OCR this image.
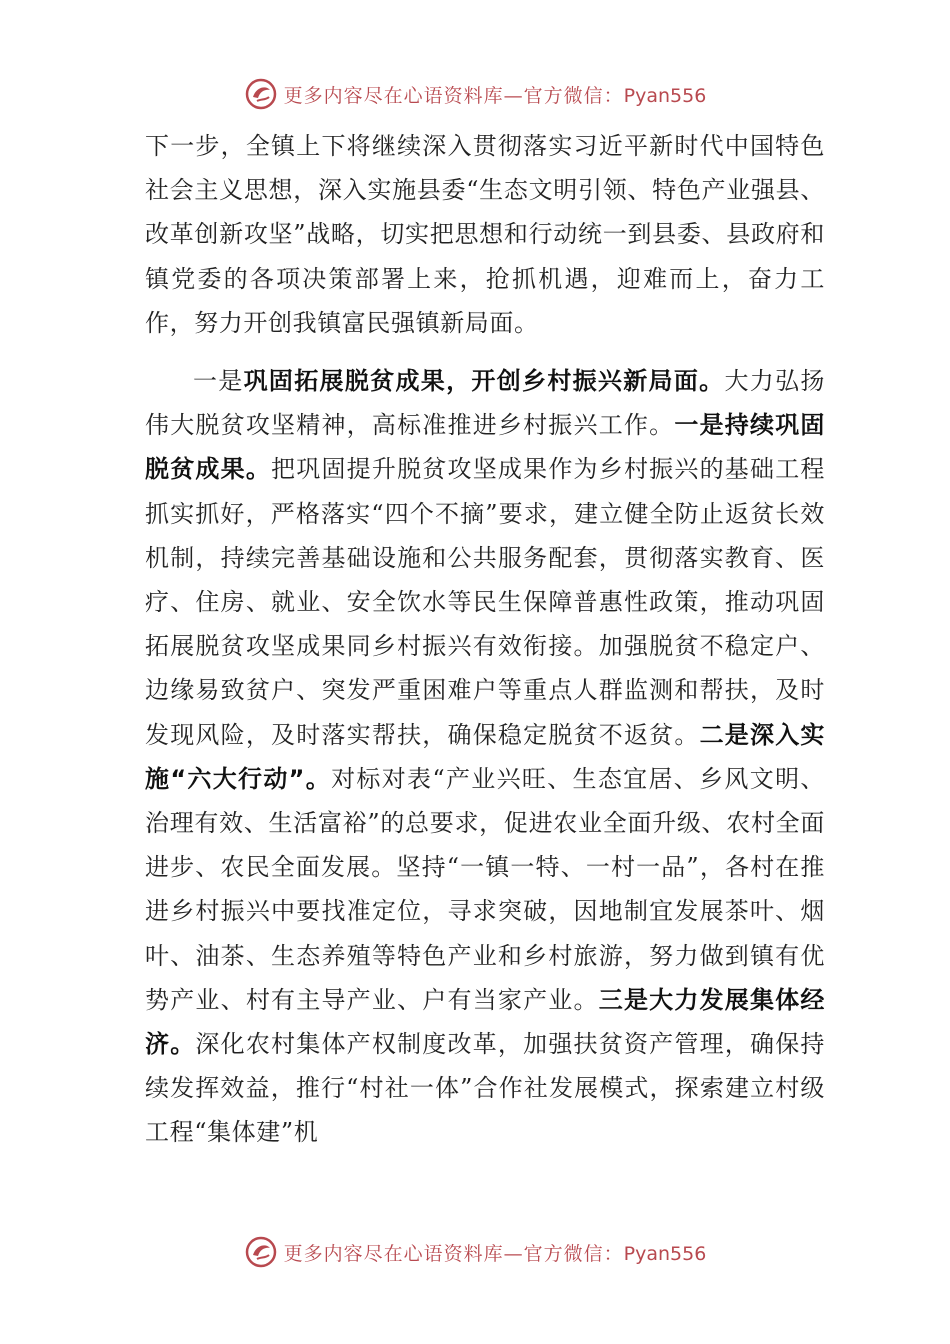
更多内容尽在心语资料库—官方微信：Pyan556

下一步，全镇上下将继续深入贯彻落实习近平新时代中国特色社会主义思想，深入实施县委“生态文明引领、特色产业强县、改革创新攻坚”战略，切实把思想和行动统一到县委、县政府和镇党委的各项决策部署上来，抢抓机遇，迎难而上，奋力工作，努力开创我镇富民强镇新局面。

一是巩固拓展脱贫成果，开创乡村振兴新局面。大力弘扬伟大脱贫攻坚精神，高标准推进乡村振兴工作。一是持续巩固脱贫成果。把巩固提升脱贫攻坚成果作为乡村振兴的基础工程抓实抓好，严格落实“四个不摘”要求，建立健全防止返贫长效机制，持续完善基础设施和公共服务配套，贯彻落实教育、医疗、住房、就业、安全饮水等民生保障普惠性政策，推动巩固拓展脱贫攻坚成果同乡村振兴有效衔接。加强脱贫不稳定户、边缘易致贫户、突发严重困难户等重点人群监测和帮扶，及时发现风险，及时落实帮扶，确保稳定脱贫不返贫。二是深入实施“六大行动”。对标对表“产业兴旺、生态宜居、乡风文明、治理有效、生活富裕”的总要求，促进农业全面升级、农村全面进步、农民全面发展。坚持“一镇一特、一村一品”，各村在推进乡村振兴中要找准定位，寻求突破，因地制宜发展茶叶、烟叶、油茶、生态养殖等特色产业和乡村旅游，努力做到镇有优势产业、村有主导产业、户有当家产业。三是大力发展集体经济。深化农村集体产权制度改革，加强扶贫资产管理，确保持续发挥效益，推行“村社一体”合作社发展模式，探索建立村级工程“集体建”机

更多内容尽在心语资料库—官方微信：Pyan556
